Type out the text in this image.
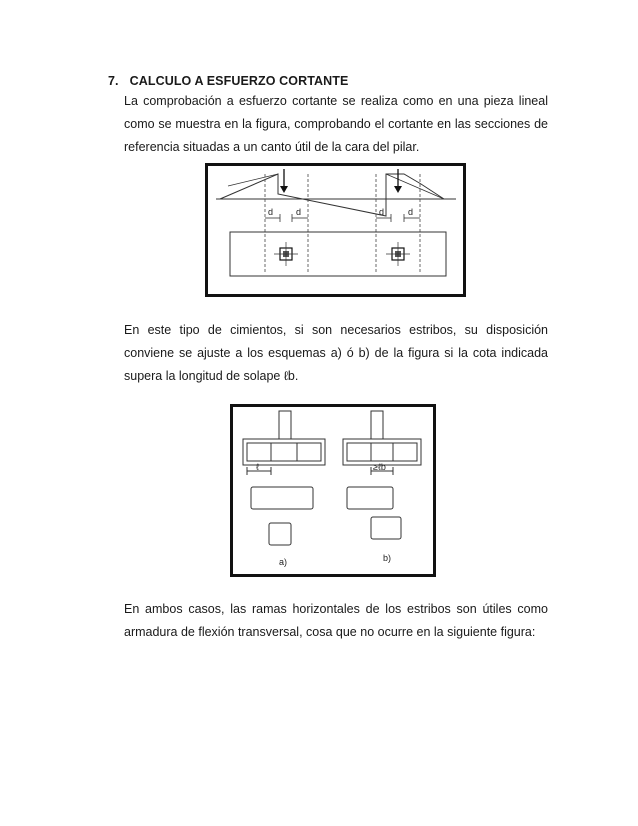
7. CALCULO A ESFUERZO CORTANTE
La comprobación a esfuerzo cortante se realiza como en una pieza lineal
como se muestra en la figura, comprobando el cortante en las secciones de
referencia situadas a un canto útil de la cara del pilar.
d	d	d	d
En este tipo de cimientos, si son necesarios estribos, su disposición
conviene se ajuste a los esquemas a) ó b) de la figura si la cota indicada
supera la longitud de solape ℓb.
ℓ	≥ℓb
a)	b)
En ambos casos, las ramas horizontales de los estribos son útiles como
armadura de flexión transversal, cosa que no ocurre en la siguiente figura:
